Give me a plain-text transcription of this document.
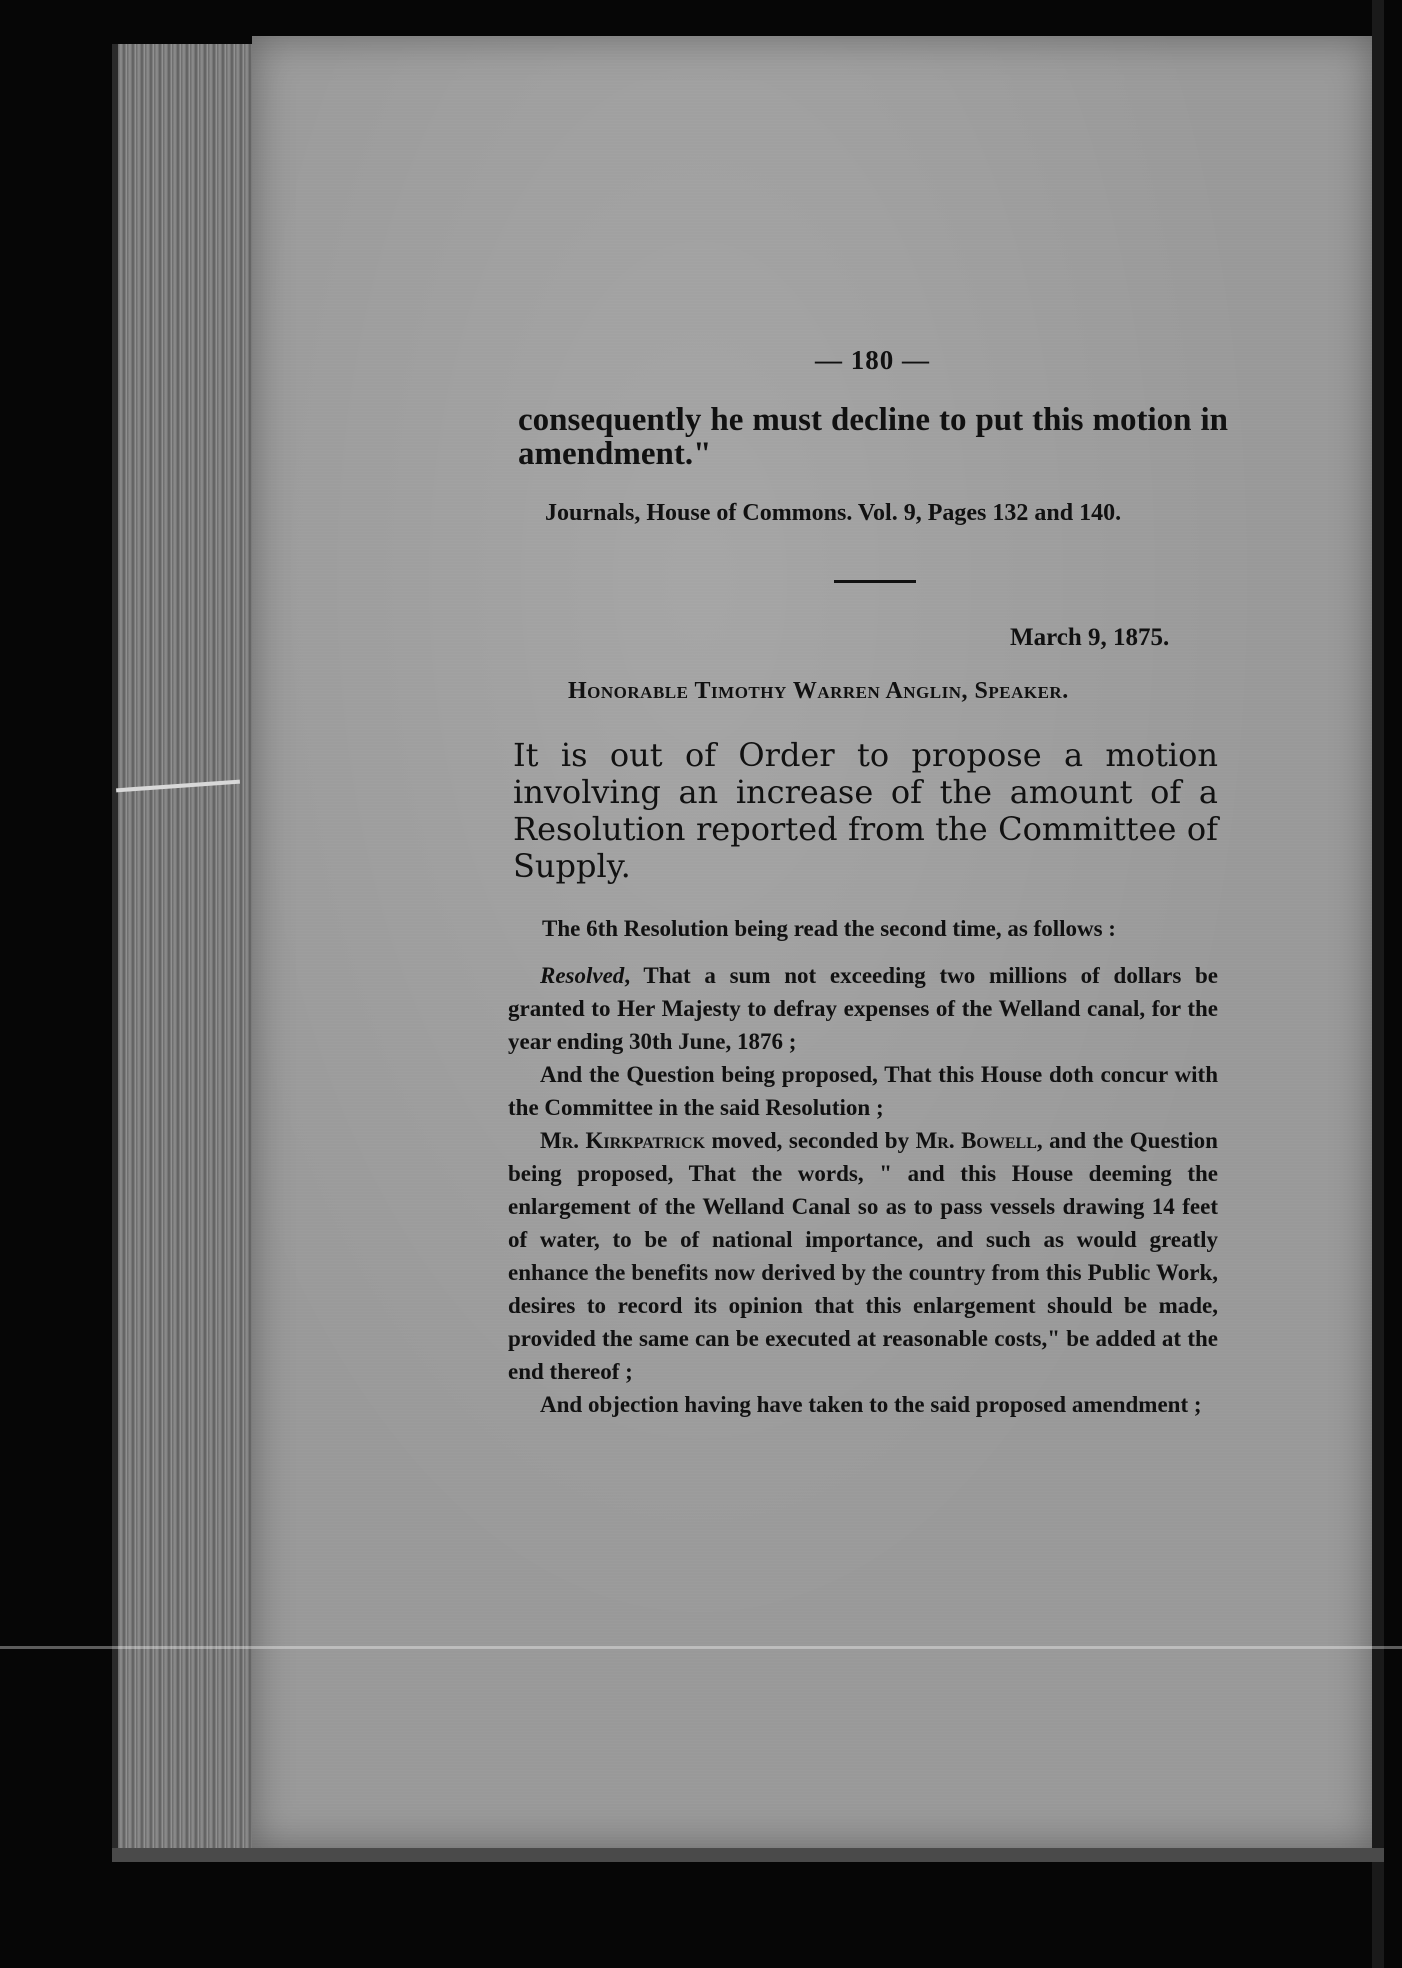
— 180 —
consequently he must decline to put this motion in amendment."
Journals, House of Commons. Vol. 9, Pages 132 and 140.
March 9, 1875.
Honorable Timothy Warren Anglin, Speaker.
It is out of Order to propose a motion involving an increase of the amount of a Resolution reported from the Committee of Supply.

The 6th Resolution being read the second time, as follows :

Resolved, That a sum not exceeding two millions of dollars be granted to Her Majesty to defray expenses of the Welland canal, for the year ending 30th June, 1876 ;

And the Question being proposed, That this House doth concur with the Committee in the said Resolution ;

Mr. Kirkpatrick moved, seconded by Mr. Bowell, and the Question being proposed, That the words, " and this House deeming the enlargement of the Welland Canal so as to pass vessels drawing 14 feet of water, to be of national importance, and such as would greatly enhance the benefits now derived by the country from this Public Work, desires to record its opinion that this enlargement should be made, provided the same can be executed at reasonable costs," be added at the end thereof ;

And objection having have taken to the said proposed amendment ;
